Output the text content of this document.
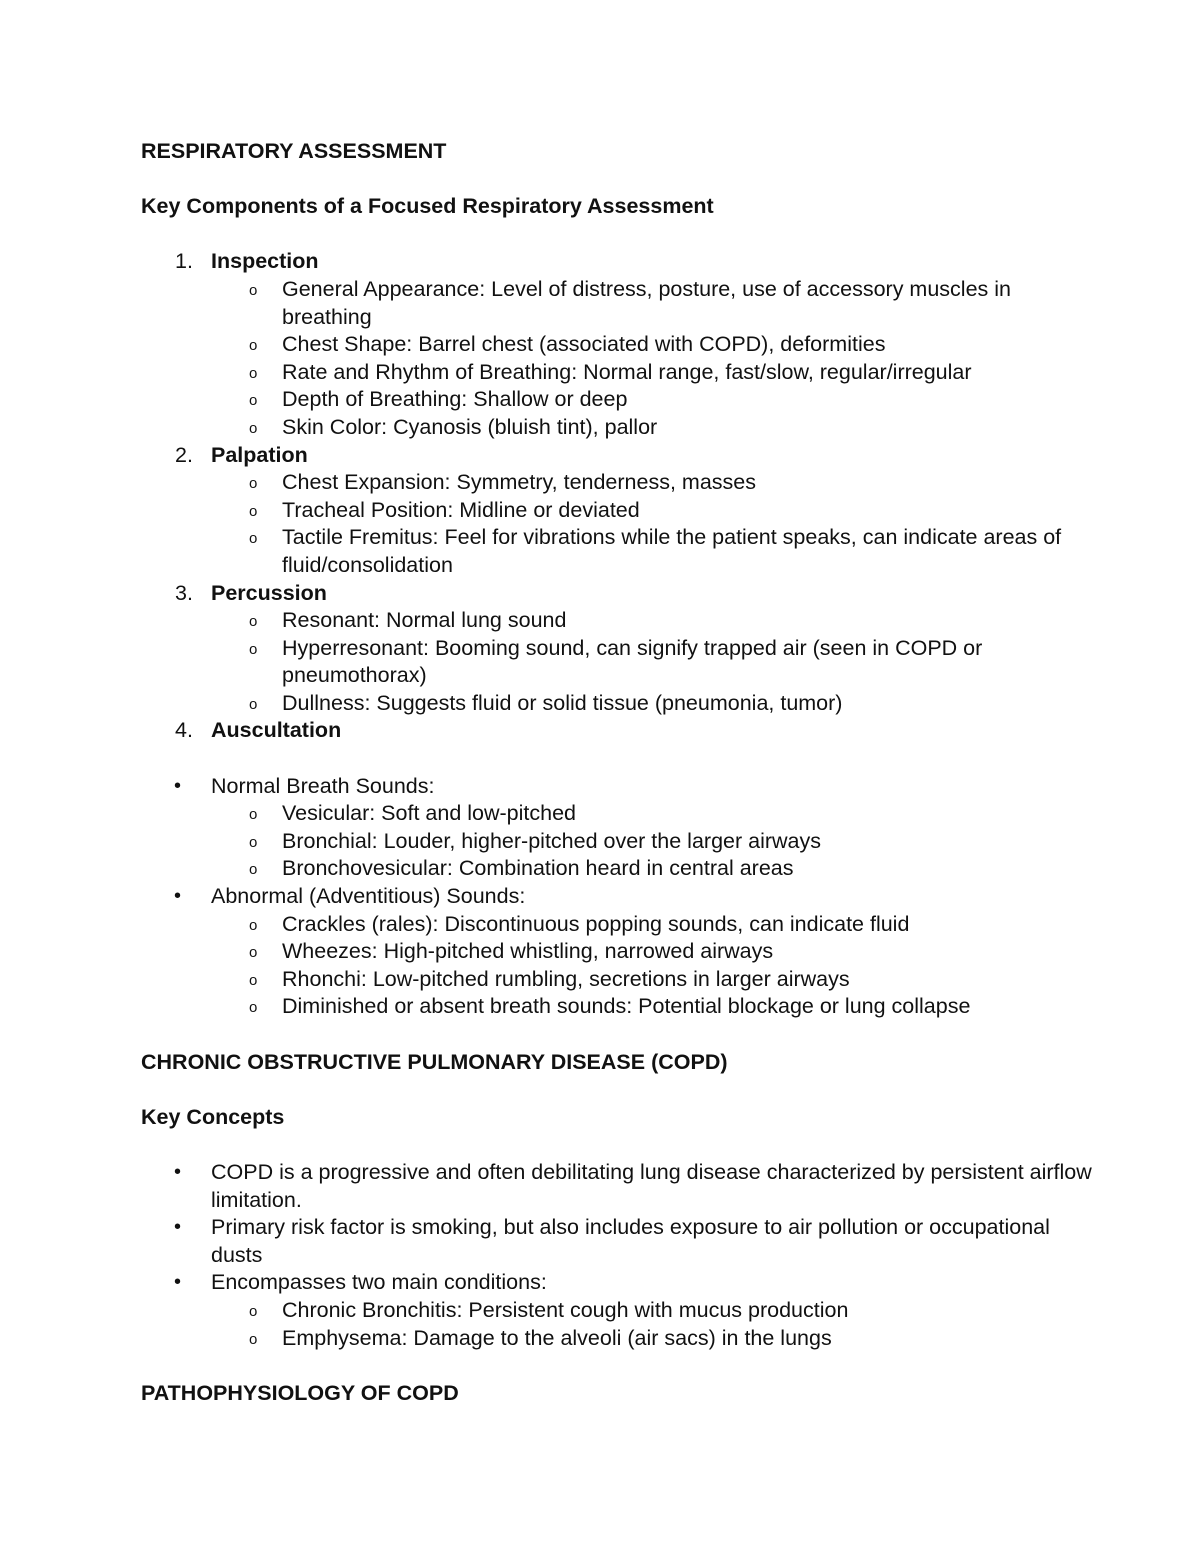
RESPIRATORY ASSESSMENT

Key Components of a Focused Respiratory Assessment

1. Inspection
o General Appearance: Level of distress, posture, use of accessory muscles in breathing
o Chest Shape: Barrel chest (associated with COPD), deformities
o Rate and Rhythm of Breathing: Normal range, fast/slow, regular/irregular
o Depth of Breathing: Shallow or deep
o Skin Color: Cyanosis (bluish tint), pallor
2. Palpation
o Chest Expansion: Symmetry, tenderness, masses
o Tracheal Position: Midline or deviated
o Tactile Fremitus: Feel for vibrations while the patient speaks, can indicate areas of fluid/consolidation
3. Percussion
o Resonant: Normal lung sound
o Hyperresonant: Booming sound, can signify trapped air (seen in COPD or pneumothorax)
o Dullness: Suggests fluid or solid tissue (pneumonia, tumor)
4. Auscultation
• Normal Breath Sounds:
o Vesicular: Soft and low-pitched
o Bronchial: Louder, higher-pitched over the larger airways
o Bronchovesicular: Combination heard in central areas
• Abnormal (Adventitious) Sounds:
o Crackles (rales): Discontinuous popping sounds, can indicate fluid
o Wheezes: High-pitched whistling, narrowed airways
o Rhonchi: Low-pitched rumbling, secretions in larger airways
o Diminished or absent breath sounds: Potential blockage or lung collapse

CHRONIC OBSTRUCTIVE PULMONARY DISEASE (COPD)

Key Concepts

• COPD is a progressive and often debilitating lung disease characterized by persistent airflow limitation.
• Primary risk factor is smoking, but also includes exposure to air pollution or occupational dusts
• Encompasses two main conditions:
o Chronic Bronchitis: Persistent cough with mucus production
o Emphysema: Damage to the alveoli (air sacs) in the lungs

PATHOPHYSIOLOGY OF COPD
